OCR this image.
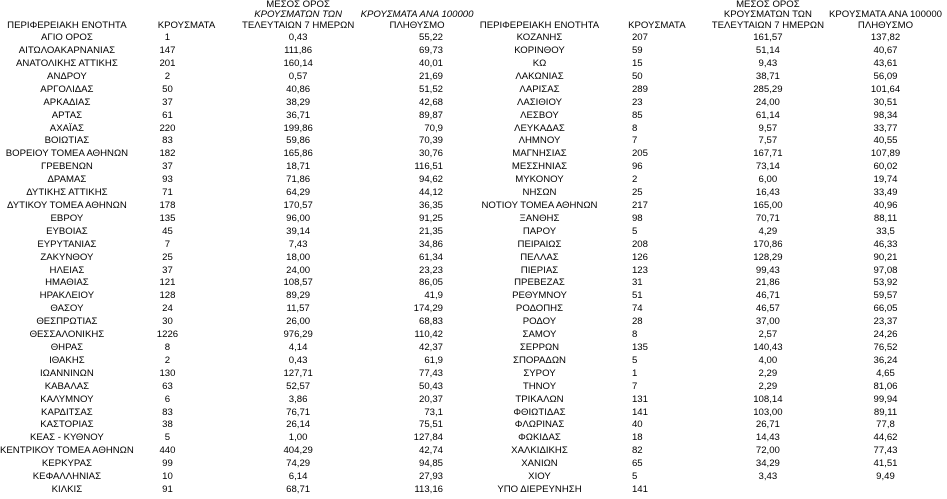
		ΜΕΣΟΣ ΟΡΟΣ	
		ΚΡΟΥΣΜΑΤΩΝ ΤΩΝ	ΚΡΟΥΣΜΑΤΑ ΑΝΑ 100000
ΠΕΡΙΦΕΡΕΙΑΚΗ ΕΝΟΤΗΤΑ	ΚΡΟΥΣΜΑΤΑ	ΤΕΛΕΥΤΑΙΩΝ 7 ΗΜΕΡΩΝ	ΠΛΗΘΥΣΜΟ
ΑΓΙΟ ΟΡΟΣ	1	0,43	55,22
ΑΙΤΩΛΟΑΚΑΡΝΑΝΙΑΣ	147	111,86	69,73
ΑΝΑΤΟΛΙΚΗΣ ΑΤΤΙΚΗΣ	201	160,14	40,01
ΑΝΔΡΟΥ	2	0,57	21,69
ΑΡΓΟΛΙΔΑΣ	50	40,86	51,52
ΑΡΚΑΔΙΑΣ	37	38,29	42,68
ΑΡΤΑΣ	61	36,71	89,87
ΑΧΑΪΑΣ	220	199,86	70,9
ΒΟΙΩΤΙΑΣ	83	59,86	70,39
ΒΟΡΕΙΟΥ ΤΟΜΕΑ ΑΘΗΝΩΝ	182	165,86	30,76
ΓΡΕΒΕΝΩΝ	37	18,71	116,51
ΔΡΑΜΑΣ	93	71,86	94,62
ΔΥΤΙΚΗΣ ΑΤΤΙΚΗΣ	71	64,29	44,12
ΔΥΤΙΚΟΥ ΤΟΜΕΑ ΑΘΗΝΩΝ	178	170,57	36,35
ΕΒΡΟΥ	135	96,00	91,25
ΕΥΒΟΙΑΣ	45	39,14	21,35
ΕΥΡΥΤΑΝΙΑΣ	7	7,43	34,86
ΖΑΚΥΝΘΟΥ	25	18,00	61,34
ΗΛΕΙΑΣ	37	24,00	23,23
ΗΜΑΘΙΑΣ	121	108,57	86,05
ΗΡΑΚΛΕΙΟΥ	128	89,29	41,9
ΘΑΣΟΥ	24	11,57	174,29
ΘΕΣΠΡΩΤΙΑΣ	30	26,00	68,83
ΘΕΣΣΑΛΟΝΙΚΗΣ	1226	976,29	110,42
ΘΗΡΑΣ	8	4,14	42,37
ΙΘΑΚΗΣ	2	0,43	61,9
ΙΩΑΝΝΙΝΩΝ	130	127,71	77,43
ΚΑΒΑΛΑΣ	63	52,57	50,43
ΚΑΛΥΜΝΟΥ	6	3,86	20,37
ΚΑΡΔΙΤΣΑΣ	83	76,71	73,1
ΚΑΣΤΟΡΙΑΣ	38	26,14	75,51
ΚΕΑΣ - ΚΥΘΝΟΥ	5	1,00	127,84
ΚΕΝΤΡΙΚΟΥ ΤΟΜΕΑ ΑΘΗΝΩΝ	440	404,29	42,74
ΚΕΡΚΥΡΑΣ	99	74,29	94,85
ΚΕΦΑΛΛΗΝΙΑΣ	10	6,14	27,93
ΚΙΛΚΙΣ	91	68,71	113,16
		ΜΕΣΟΣ ΟΡΟΣ	
		ΚΡΟΥΣΜΑΤΩΝ ΤΩΝ	ΚΡΟΥΣΜΑΤΑ ΑΝΑ 100000
ΠΕΡΙΦΕΡΕΙΑΚΗ ΕΝΟΤΗΤΑ	ΚΡΟΥΣΜΑΤΑ	ΤΕΛΕΥΤΑΙΩΝ 7 ΗΜΕΡΩΝ	ΠΛΗΘΥΣΜΟ
ΚΟΖΑΝΗΣ	207	161,57	137,82
ΚΟΡΙΝΘΟΥ	59	51,14	40,67
ΚΩ	15	9,43	43,61
ΛΑΚΩΝΙΑΣ	50	38,71	56,09
ΛΑΡΙΣΑΣ	289	285,29	101,64
ΛΑΣΙΘΙΟΥ	23	24,00	30,51
ΛΕΣΒΟΥ	85	61,14	98,34
ΛΕΥΚΑΔΑΣ	8	9,57	33,77
ΛΗΜΝΟΥ	7	7,57	40,55
ΜΑΓΝΗΣΙΑΣ	205	167,71	107,89
ΜΕΣΣΗΝΙΑΣ	96	73,14	60,02
ΜΥΚΟΝΟΥ	2	6,00	19,74
ΝΗΣΩΝ	25	16,43	33,49
ΝΟΤΙΟΥ ΤΟΜΕΑ ΑΘΗΝΩΝ	217	165,00	40,96
ΞΑΝΘΗΣ	98	70,71	88,11
ΠΑΡΟΥ	5	4,29	33,5
ΠΕΙΡΑΙΩΣ	208	170,86	46,33
ΠΕΛΛΑΣ	126	128,29	90,21
ΠΙΕΡΙΑΣ	123	99,43	97,08
ΠΡΕΒΕΖΑΣ	31	21,86	53,92
ΡΕΘΥΜΝΟΥ	51	46,71	59,57
ΡΟΔΟΠΗΣ	74	46,57	66,05
ΡΟΔΟΥ	28	37,00	23,37
ΣΑΜΟΥ	8	2,57	24,26
ΣΕΡΡΩΝ	135	140,43	76,52
ΣΠΟΡΑΔΩΝ	5	4,00	36,24
ΣΥΡΟΥ	1	2,29	4,65
ΤΗΝΟΥ	7	2,29	81,06
ΤΡΙΚΑΛΩΝ	131	108,14	99,94
ΦΘΙΩΤΙΔΑΣ	141	103,00	89,11
ΦΛΩΡΙΝΑΣ	40	26,71	77,8
ΦΩΚΙΔΑΣ	18	14,43	44,62
ΧΑΛΚΙΔΙΚΗΣ	82	72,00	77,43
ΧΑΝΙΩΝ	65	34,29	41,51
ΧΙΟΥ	5	3,43	9,49
ΥΠΟ ΔΙΕΡΕΥΝΗΣΗ	141		
